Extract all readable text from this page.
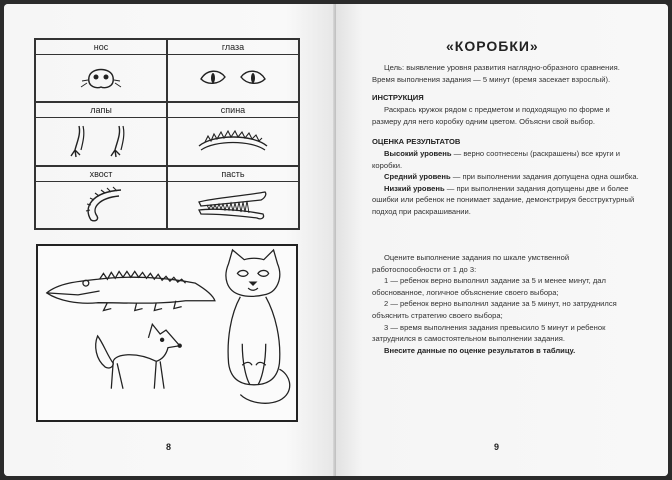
нос	глаза
лапы	спина
хвост	пасть
8
«КОРОБКИ»

Цель: выявление уровня развития наглядно-образного сравнения. Время выполнения задания — 5 минут (время засекает взрослый).

ИНСТРУКЦИЯ

Раскрась кружок рядом с предметом и подходящую по форме и размеру для него коробку одним цветом. Объясни свой выбор.

ОЦЕНКА РЕЗУЛЬТАТОВ

Высокий уровень — верно соотнесены (раскрашены) все круги и коробки.

Средний уровень — при выполнении задания допущена одна ошибка.

Низкий уровень — при выполнении задания допущены две и более ошибки или ребенок не понимает задание, демонстрируя бесструктурный подход при раскрашивании.

Оцените выполнение задания по шкале умственной работоспособности от 1 до 3:

1 — ребенок верно выполнил задание за 5 и менее минут, дал обоснованное, логичное объяснение своего выбора;

2 — ребенок верно выполнил задание за 5 минут, но затруднился объяснить стратегию своего выбора;

3 — время выполнения задания превысило 5 минут и ребенок затруднился в самостоятельном выполнении задания.

Внесите данные по оценке результатов в таблицу.

9
